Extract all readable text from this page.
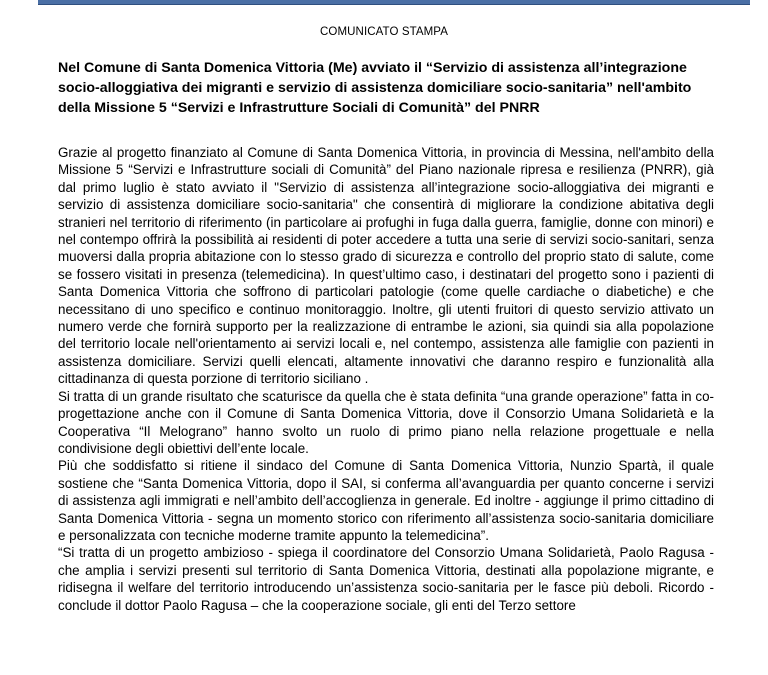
COMUNICATO STAMPA
Nel Comune di Santa Domenica Vittoria (Me) avviato il “Servizio di assistenza all’integrazione socio-alloggiativa dei migranti e servizio di assistenza domiciliare socio-sanitaria” nell'ambito della Missione 5 “Servizi e Infrastrutture Sociali di Comunità” del PNRR

Grazie al progetto finanziato al Comune di Santa Domenica Vittoria, in provincia di Messina, nell'ambito della Missione 5 “Servizi e Infrastrutture sociali di Comunità” del Piano nazionale ripresa e resilienza (PNRR), già dal primo luglio è stato avviato il "Servizio di assistenza all’integrazione socio-alloggiativa dei migranti e servizio di assistenza domiciliare socio-sanitaria" che consentirà di migliorare la condizione abitativa degli stranieri nel territorio di riferimento (in particolare ai profughi in fuga dalla guerra, famiglie, donne con minori) e nel contempo offrirà la possibilità ai residenti di poter accedere a tutta una serie di servizi socio-sanitari, senza muoversi dalla propria abitazione con lo stesso grado di sicurezza e controllo del proprio stato di salute, come se fossero visitati in presenza (telemedicina). In quest’ultimo caso, i destinatari del progetto sono i pazienti di Santa Domenica Vittoria che soffrono di particolari patologie (come quelle cardiache o diabetiche) e che necessitano di uno specifico e continuo monitoraggio. Inoltre, gli utenti fruitori di questo servizio attivato un numero verde che fornirà supporto per la realizzazione di entrambe le azioni, sia quindi sia alla popolazione del territorio locale nell'orientamento ai servizi locali e, nel contempo, assistenza alle famiglie con pazienti in assistenza domiciliare. Servizi quelli elencati, altamente innovativi che daranno respiro e funzionalità alla cittadinanza di questa porzione di territorio siciliano .

Si tratta di un grande risultato che scaturisce da quella che è stata definita “una grande operazione” fatta in co-progettazione anche con il Comune di Santa Domenica Vittoria, dove il Consorzio Umana Solidarietà e la Cooperativa “Il Melograno” hanno svolto un ruolo di primo piano nella relazione progettuale e nella condivisione degli obiettivi dell’ente locale.

Più che soddisfatto si ritiene il sindaco del Comune di Santa Domenica Vittoria, Nunzio Spartà, il quale sostiene che “Santa Domenica Vittoria, dopo il SAI, si conferma all’avanguardia per quanto concerne i servizi di assistenza agli immigrati e nell’ambito dell’accoglienza in generale. Ed inoltre - aggiunge il primo cittadino di Santa Domenica Vittoria - segna un momento storico con riferimento all’assistenza socio-sanitaria domiciliare e personalizzata con tecniche moderne tramite appunto la telemedicina”.

“Si tratta di un progetto ambizioso - spiega il coordinatore del Consorzio Umana Solidarietà, Paolo Ragusa - che amplia i servizi presenti sul territorio di Santa Domenica Vittoria, destinati alla popolazione migrante, e ridisegna il welfare del territorio introducendo un’assistenza socio-sanitaria per le fasce più deboli. Ricordo - conclude il dottor Paolo Ragusa – che la cooperazione sociale, gli enti del Terzo settore
